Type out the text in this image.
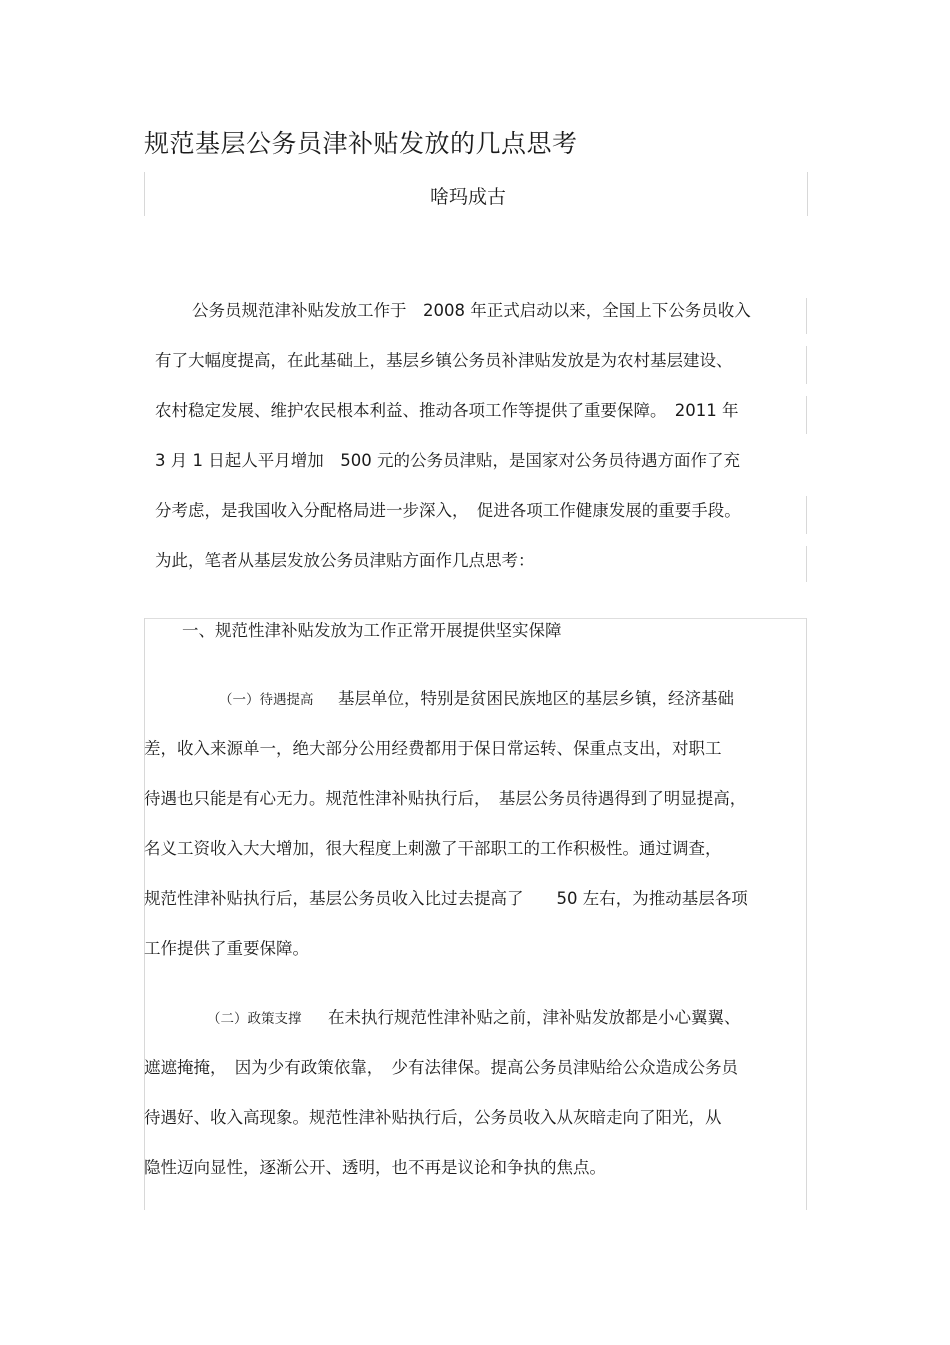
规范基层公务员津补贴发放的几点思考
啥玛成古
公务员规范津补贴发放工作于　2008 年正式启动以来，全国上下公务员收入
有了大幅度提高，在此基础上，基层乡镇公务员补津贴发放是为农村基层建设、
农村稳定发展、维护农民根本利益、推动各项工作等提供了重要保障。　2011 年
3 月 1 日起人平月增加　500 元的公务员津贴，是国家对公务员待遇方面作了充
分考虑，是我国收入分配格局进一步深入，　促进各项工作健康发展的重要手段。
为此，笔者从基层发放公务员津贴方面作几点思考：
一、规范性津补贴发放为工作正常开展提供坚实保障
（一）待遇提高 基层单位，特别是贫困民族地区的基层乡镇，经济基础
差，收入来源单一，绝大部分公用经费都用于保日常运转、保重点支出，对职工
待遇也只能是有心无力。规范性津补贴执行后，　基层公务员待遇得到了明显提高，
名义工资收入大大增加，很大程度上刺激了干部职工的工作积极性。通过调查，
规范性津补贴执行后，基层公务员收入比过去提高了　　50 左右，为推动基层各项
工作提供了重要保障。
（二）政策支撑 在未执行规范性津补贴之前，津补贴发放都是小心翼翼、
遮遮掩掩，　因为少有政策依靠，　少有法律保。提高公务员津贴给公众造成公务员
待遇好、收入高现象。规范性津补贴执行后，公务员收入从灰暗走向了阳光，从
隐性迈向显性，逐渐公开、透明，也不再是议论和争执的焦点。
